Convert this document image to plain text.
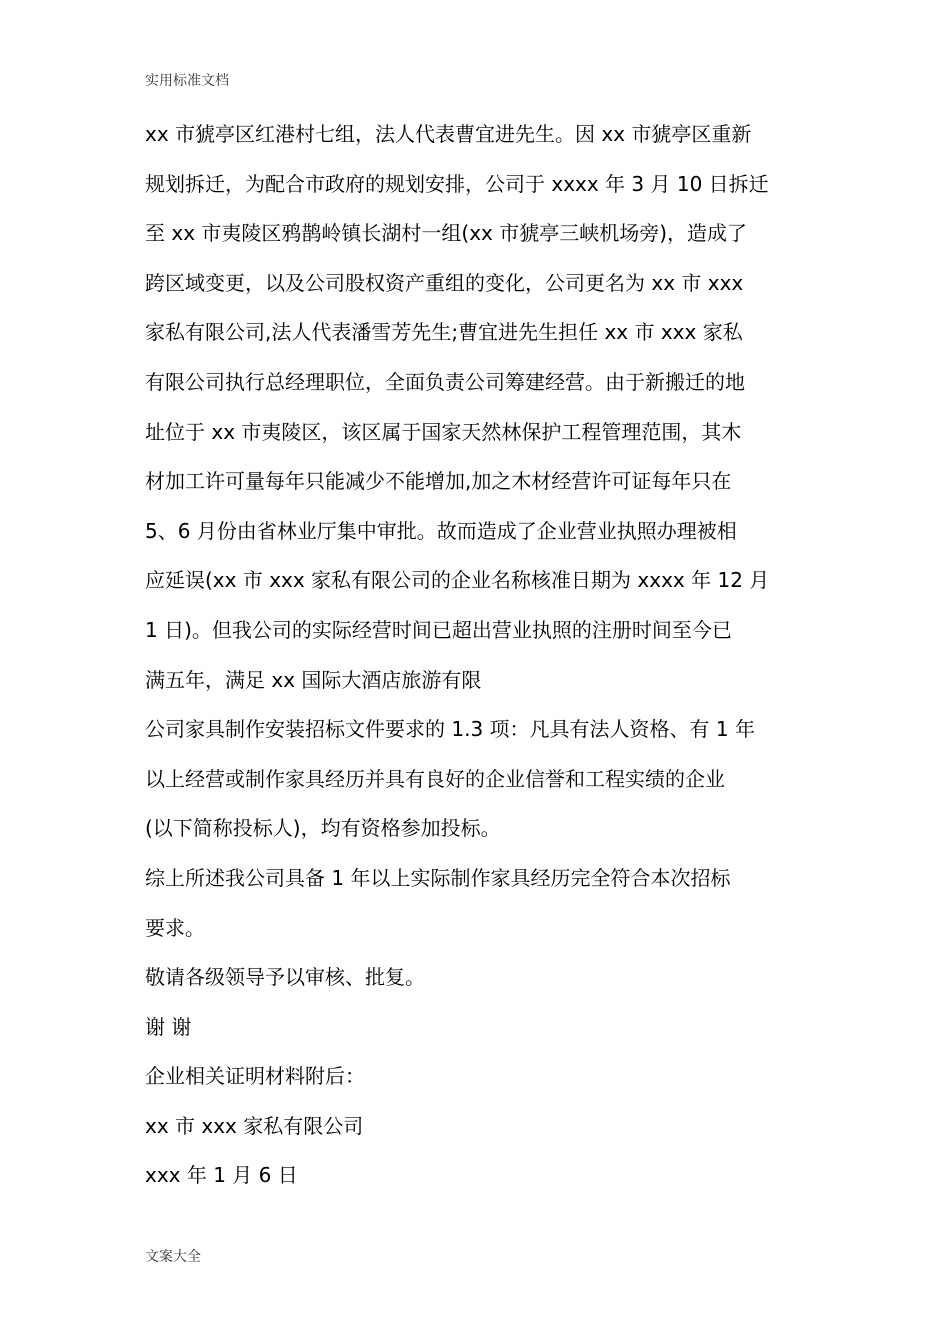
实用标准文档
xx 市猇亭区红港村七组，法人代表曹宜进先生。因 xx 市猇亭区重新
规划拆迁，为配合市政府的规划安排，公司于 xxxx 年 3 月 10 日拆迁
至 xx 市夷陵区鸦鹊岭镇长湖村一组(xx 市猇亭三峡机场旁)，造成了
跨区域变更，以及公司股权资产重组的变化，公司更名为 xx 市 xxx
家私有限公司,法人代表潘雪芳先生;曹宜进先生担任 xx 市 xxx 家私
有限公司执行总经理职位，全面负责公司筹建经营。由于新搬迁的地
址位于 xx 市夷陵区，该区属于国家天然林保护工程管理范围，其木
材加工许可量每年只能减少不能增加,加之木材经营许可证每年只在
5、6 月份由省林业厅集中审批。故而造成了企业营业执照办理被相
应延误(xx 市 xxx 家私有限公司的企业名称核准日期为 xxxx 年 12 月
1 日)。但我公司的实际经营时间已超出营业执照的注册时间至今已
满五年，满足 xx 国际大酒店旅游有限
公司家具制作安装招标文件要求的 1.3 项：凡具有法人资格、有 1 年
以上经营或制作家具经历并具有良好的企业信誉和工程实绩的企业
(以下简称投标人)，均有资格参加投标。
综上所述我公司具备 1 年以上实际制作家具经历完全符合本次招标
要求。
敬请各级领导予以审核、批复。
谢 谢
企业相关证明材料附后：
xx 市 xxx 家私有限公司
xxx 年 1 月 6 日
文案大全
